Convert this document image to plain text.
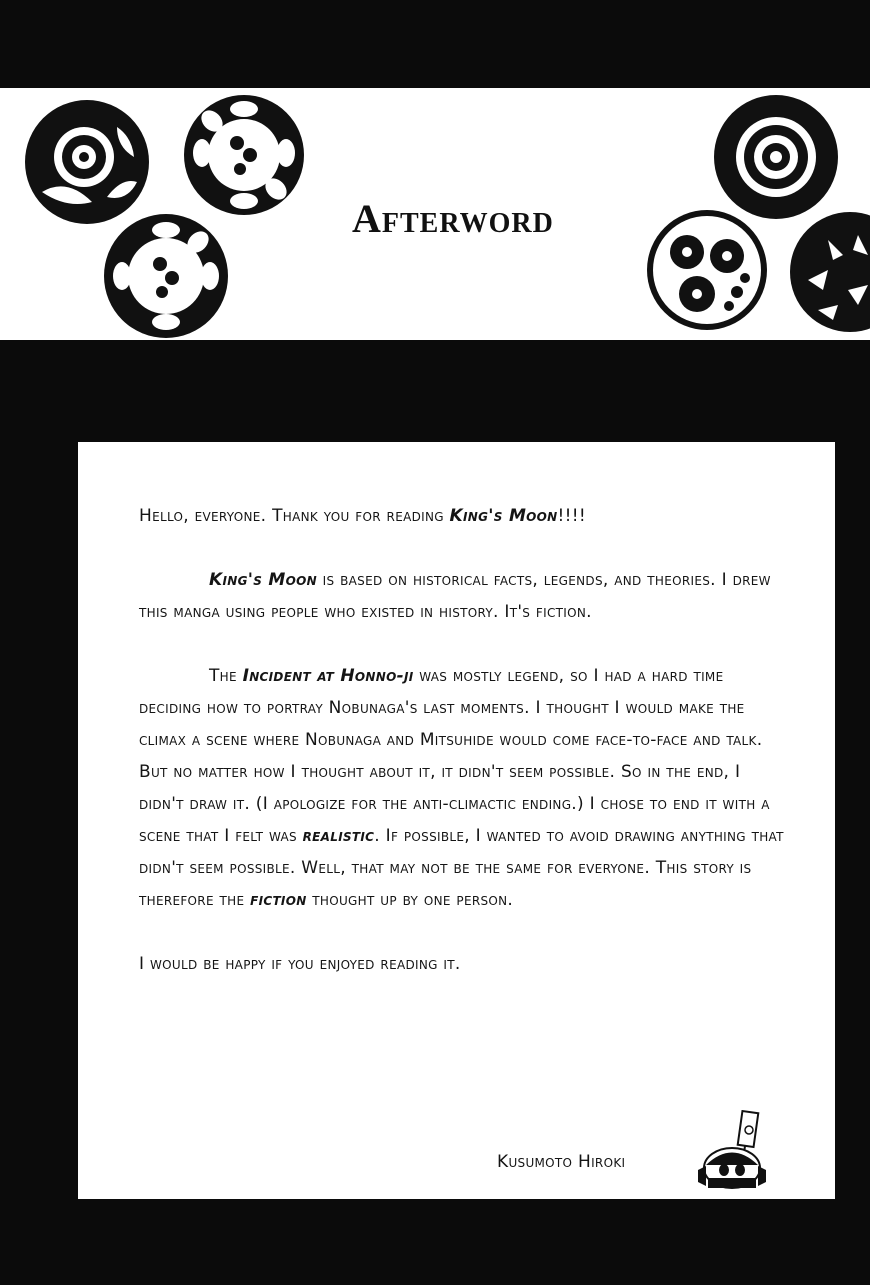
Afterword

Hello, everyone. Thank you for reading King's Moon!!!!

King's Moon is based on historical facts, legends, and theories. I drew this manga using people who existed in history. It's fiction.

The Incident at Honno-ji was mostly legend, so I had a hard time deciding how to portray Nobunaga's last moments. I thought I would make the climax a scene where Nobunaga and Mitsuhide would come face-to-face and talk. But no matter how I thought about it, it didn't seem possible. So in the end, I didn't draw it. (I apologize for the anti-climactic ending.) I chose to end it with a scene that I felt was realistic. If possible, I wanted to avoid drawing anything that didn't seem possible. Well, that may not be the same for everyone. This story is therefore the fiction thought up by one person.

I would be happy if you enjoyed reading it.

Kusumoto Hiroki
